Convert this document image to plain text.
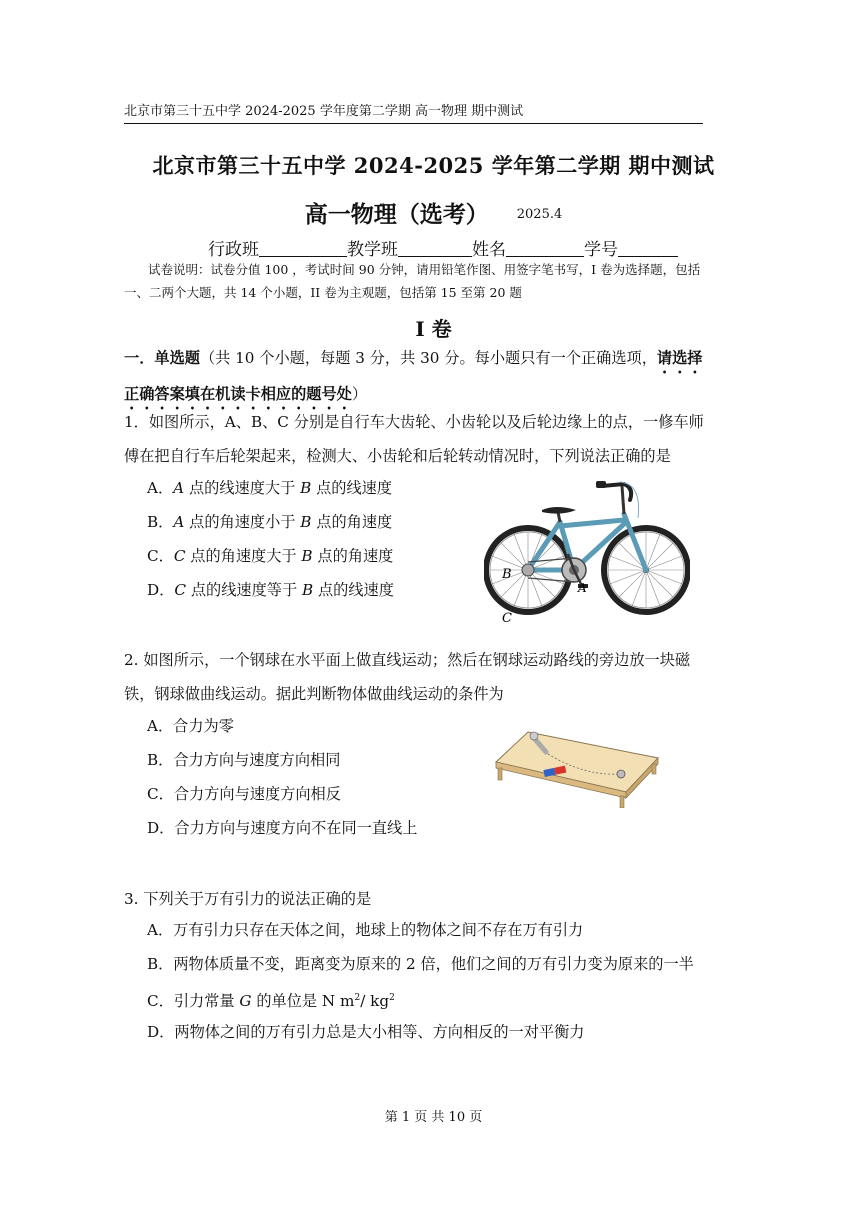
北京市第三十五中学 2024-2025 学年度第二学期 高一物理 期中测试
北京市第三十五中学 2024-2025 学年第二学期 期中测试
高一物理（选考） $^{2025.4}$
行政班	教学班	姓名	学号
试卷说明：试卷分值 100 ，考试时间 90 分钟，请用铅笔作图、用签字笔书写，I 卷为选择题，包括一、二两个大题，共 14 个小题，II 卷为主观题，包括第 15 至第 20 题
I 卷
一．单选题（共 10 个小题，每题 3 分，共 30 分。每小题只有一个正确选项，请选择正确答案填在机读卡相应的题号处）
1．如图所示，A、B、C 分别是自行车大齿轮、小齿轮以及后轮边缘上的点，一修车师傅在把自行车后轮架起来，检测大、小齿轮和后轮转动情况时，下列说法正确的是
A．A 点的线速度大于 B 点的线速度
B．A 点的角速度小于 B 点的角速度
C．C 点的角速度大于 B 点的角速度
D．C 点的线速度等于 B 点的线速度
B
A
C
2. 如图所示，一个钢球在水平面上做直线运动；然后在钢球运动路线的旁边放一块磁铁，钢球做曲线运动。据此判断物体做曲线运动的条件为
A．合力为零
B．合力方向与速度方向相同
C．合力方向与速度方向相反
D．合力方向与速度方向不在同一直线上
3. 下列关于万有引力的说法正确的是
A．万有引力只存在天体之间，地球上的物体之间不存在万有引力
B．两物体质量不变，距离变为原来的 2 倍，他们之间的万有引力变为原来的一半
C．引力常量 G 的单位是 N $m^2/$ $kg^2$
D．两物体之间的万有引力总是大小相等、方向相反的一对平衡力
第 1 页 共 10 页
